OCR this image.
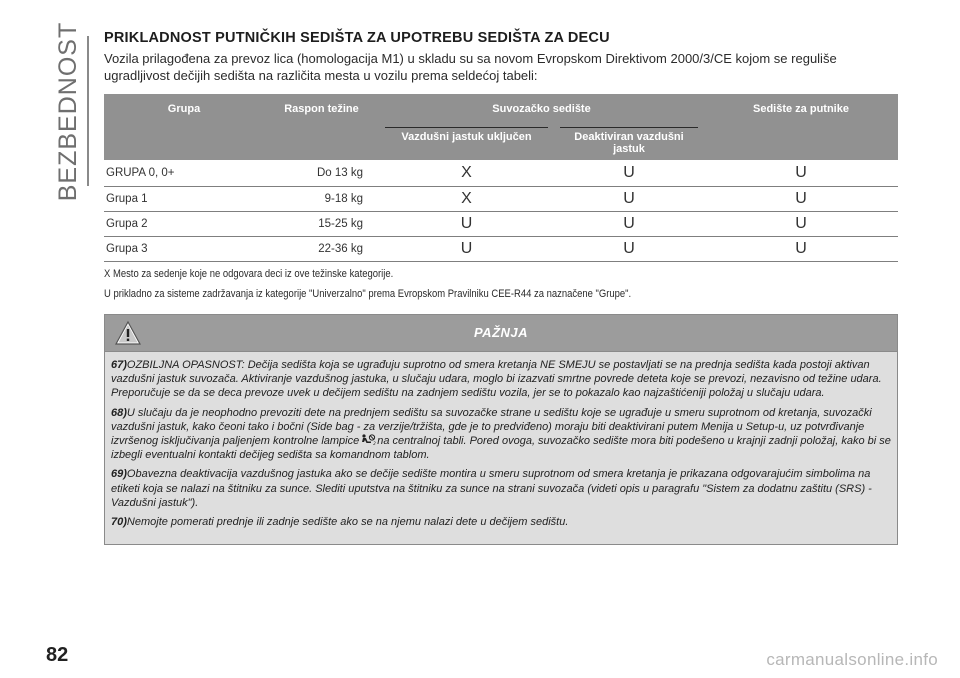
BEZBEDNOST PRIKLADNOST PUTNIČKIH SEDIŠTA ZA UPOTREBU SEDIŠTA ZA DECU

Vozila prilagođena za prevoz lica (homologacija M1) u skladu su sa novom Evropskom Direktivom 2000/3/CE kojom se reguliše ugradljivost dečijih sedišta na različita mesta u vozilu prema seldećoj tabeli:

Grupa	Raspon težine	Suvozačko sedište		Sedište za putnike

		Vazdušni jastuk uključen	Deaktiviran vazdušni jastuk	

GRUPA 0, 0+	Do 13 kg	X	U	U
Grupa 1	9-18 kg	X	U	U
Grupa 2	15-25 kg	U	U	U
Grupa 3	22-36 kg	U	U	U

X Mesto za sedenje koje ne odgovara deci iz ove težinske kategorije.

U prikladno za sisteme zadržavanja iz kategorije "Univerzalno" prema Evropskom Pravilniku CEE-R44 za naznačene "Grupe".

PAŽNJA

67)OZBILJNA OPASNOST: Dečija sedišta koja se ugrađuju suprotno od smera kretanja NE SMEJU se postavljati se na prednja sedišta kada postoji aktivan vazdušni jastuk suvozača. Aktiviranje vazdušnog jastuka, u slučaju udara, moglo bi izazvati smrtne povrede deteta koje se prevozi, nezavisno od težine udara. Preporučuje se da se deca prevoze uvek u dečijem sedištu na zadnjem sedištu vozila, jer se to pokazalo kao najzaštićeniji položaj u slučaju udara.

68)U slučaju da je neophodno prevoziti dete na prednjem sedištu sa suvozačke strane u sedištu koje se ugrađuje u smeru suprotnom od kretanja, suvozački vazdušni jastuk, kako čeoni tako i bočni (Side bag - za verzije/tržišta, gde je to predviđeno) moraju biti deaktivirani putem Menija u Setup-u, uz potvrđivanje izvršenog isključivanja paljenjem kontrolne lampice	2 na centralnoj tabli. Pored ovoga, suvozačko sedište mora biti podešeno u krajnji zadnji položaj, kako bi se izbegli eventualni kontakti dečijeg sedišta sa komandnom tablom.

69)Obavezna deaktivacija vazdušnog jastuka ako se dečije sedište montira u smeru suprotnom od smera kretanja je prikazana odgovarajućim simbolima na etiketi koja se nalazi na štitniku za sunce. Slediti uputstva na štitniku za sunce na strani suvozača (videti opis u paragrafu "Sistem za dodatnu zaštitu (SRS) - Vazdušni jastuk").

70)Nemojte pomerati prednje ili zadnje sedište ako se na njemu nalazi dete u dečijem sedištu.

82	carmanualsonline.info
